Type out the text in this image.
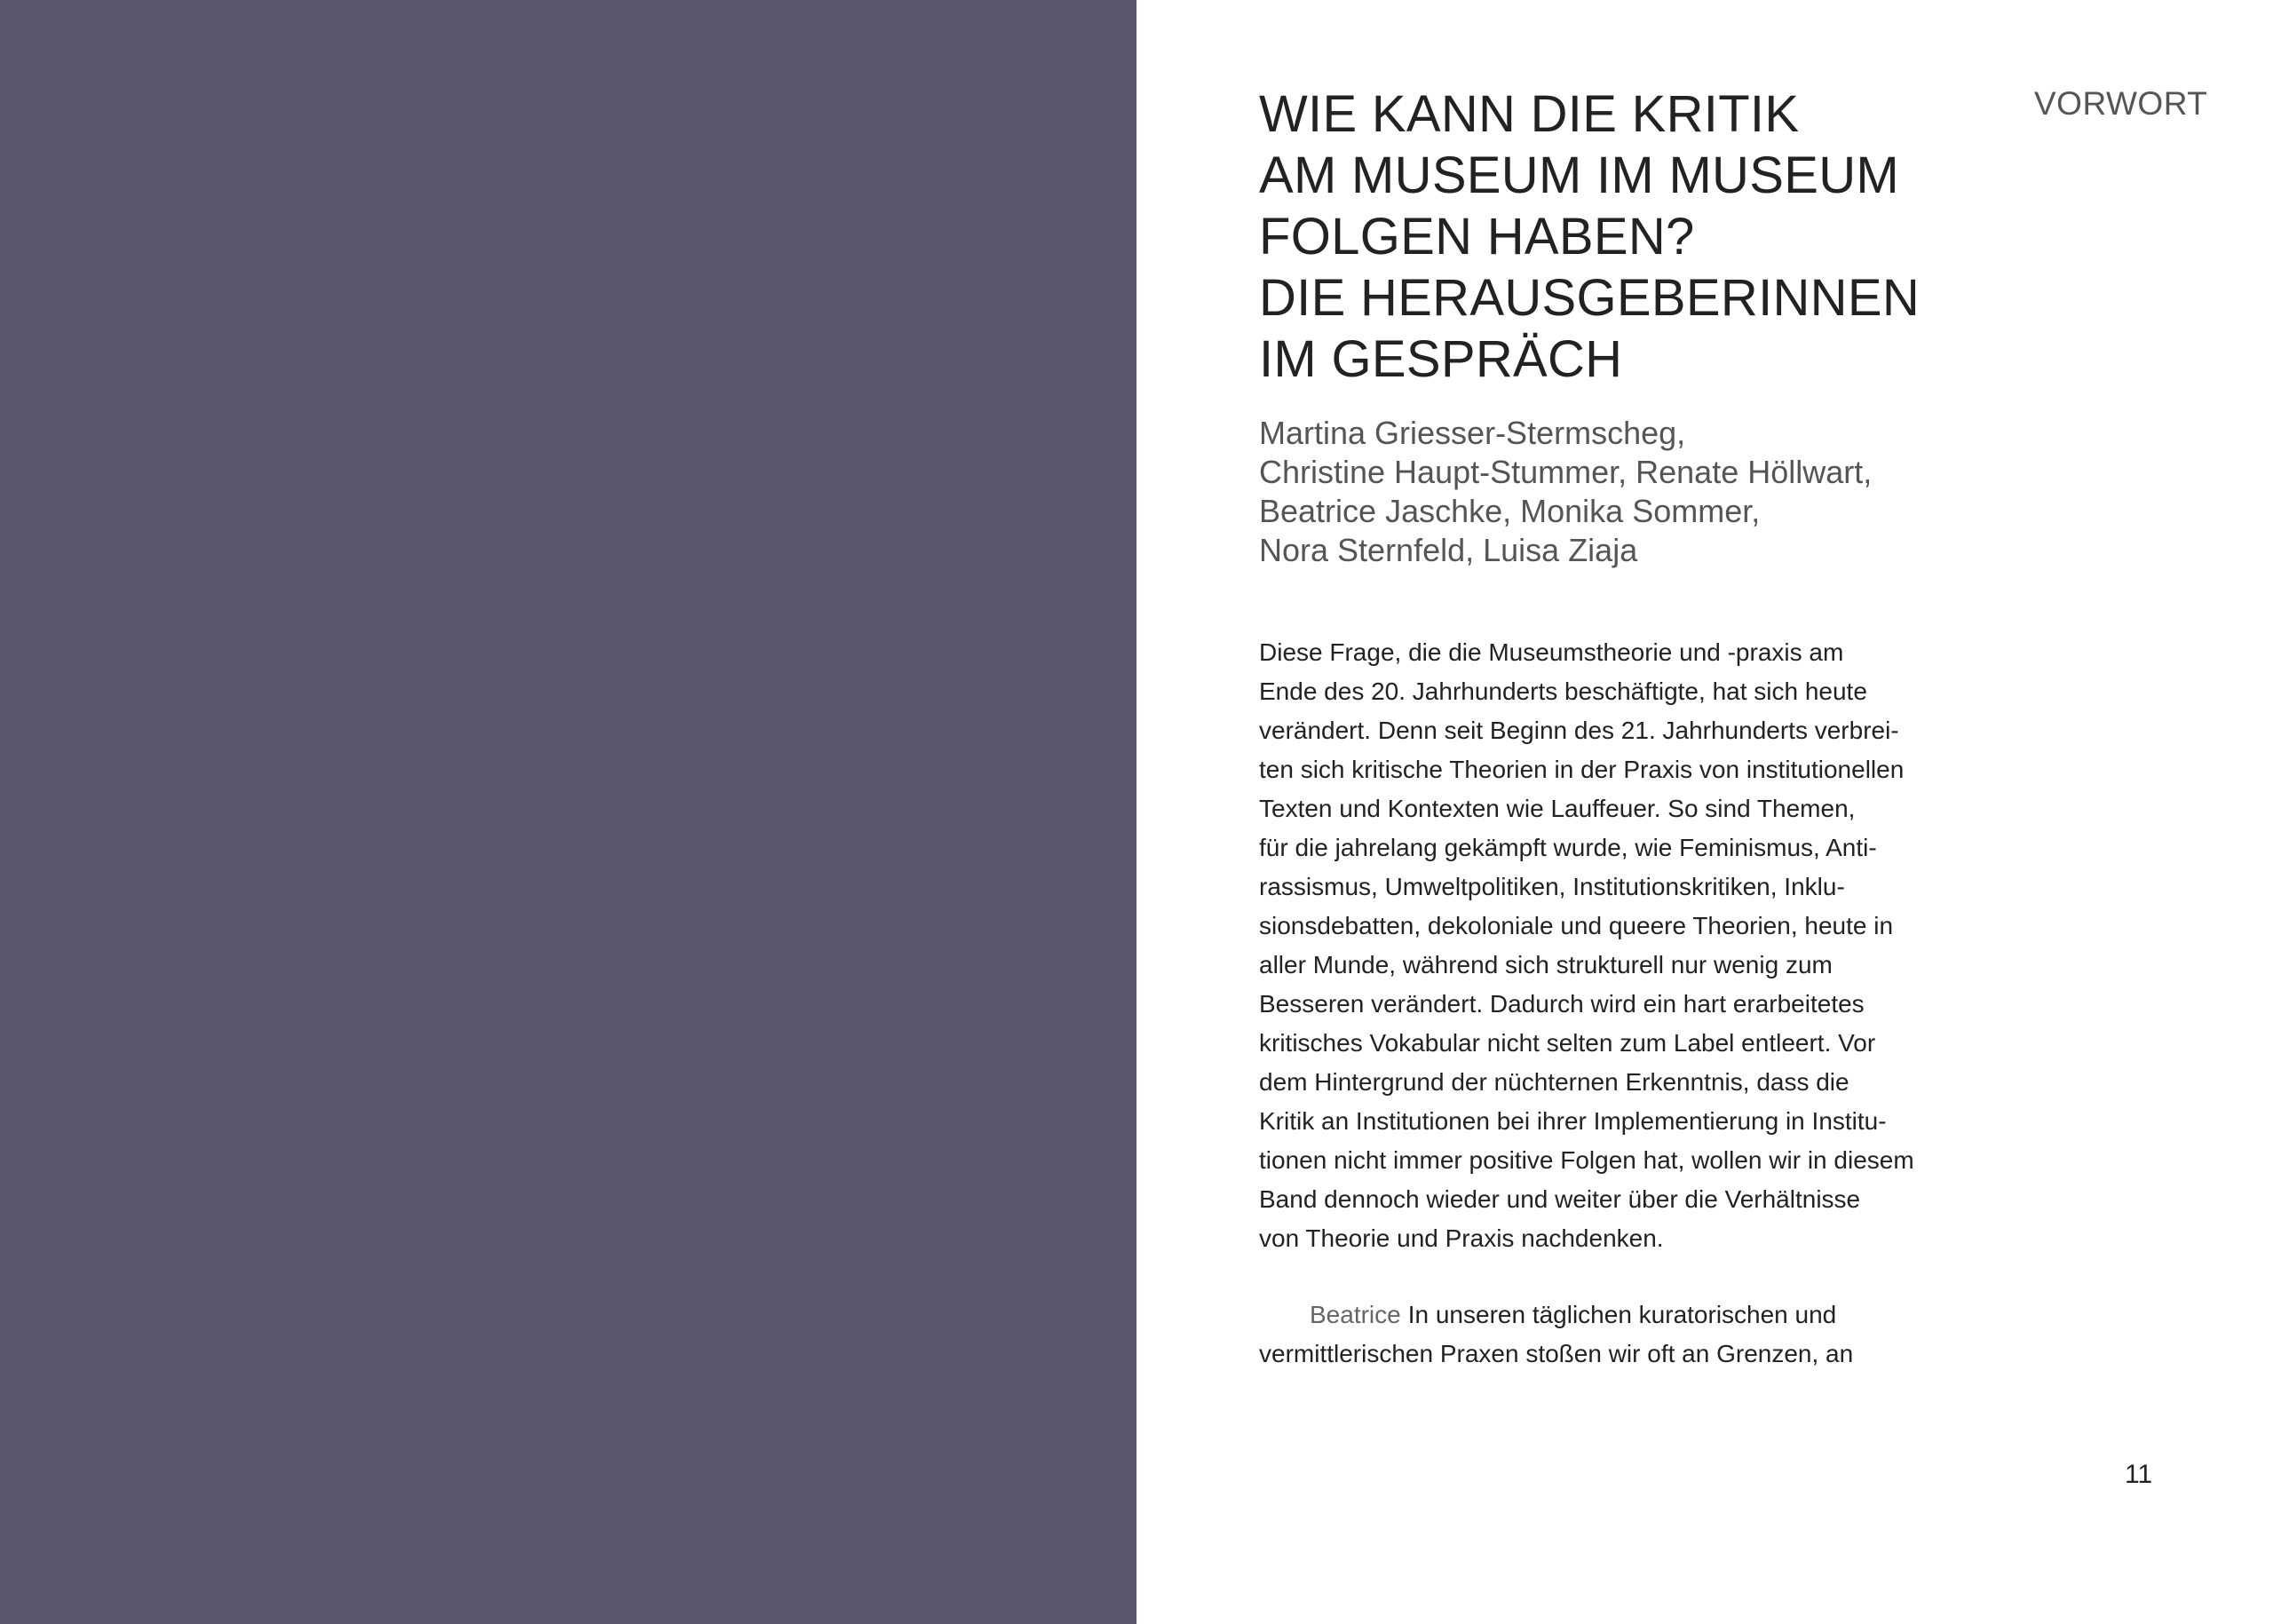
VORWORT
WIE KANN DIE KRITIK
AM MUSEUM IM MUSEUM
FOLGEN HABEN?
DIE HERAUSGEBERINNEN
IM GESPRÄCH
Martina Griesser-Stermscheg,
Christine Haupt-Stummer, Renate Höllwart,
Beatrice Jaschke, Monika Sommer,
Nora Sternfeld, Luisa Ziaja
Diese Frage, die die Museumstheorie und -praxis am
Ende des 20. Jahrhunderts beschäftigte, hat sich heute
verändert. Denn seit Beginn des 21. Jahrhunderts verbrei-
ten sich kritische Theorien in der Praxis von institutionellen
Texten und Kontexten wie Lauffeuer. So sind Themen,
für die jahrelang gekämpft wurde, wie Feminismus, Anti-
rassismus, Umweltpolitiken, Institutionskritiken, Inklu-
sionsdebatten, dekoloniale und queere Theorien, heute in
aller Munde, während sich strukturell nur wenig zum
Besseren verändert. Dadurch wird ein hart erarbeitetes
kritisches Vokabular nicht selten zum Label entleert. Vor
dem Hintergrund der nüchternen Erkenntnis, dass die
Kritik an Institutionen bei ihrer Implementierung in Institu-
tionen nicht immer positive Folgen hat, wollen wir in diesem
Band dennoch wieder und weiter über die Verhältnisse
von Theorie und Praxis nachdenken.
Beatrice In unseren täglichen kuratorischen und
vermittlerischen Praxen stoßen wir oft an Grenzen, an
11
